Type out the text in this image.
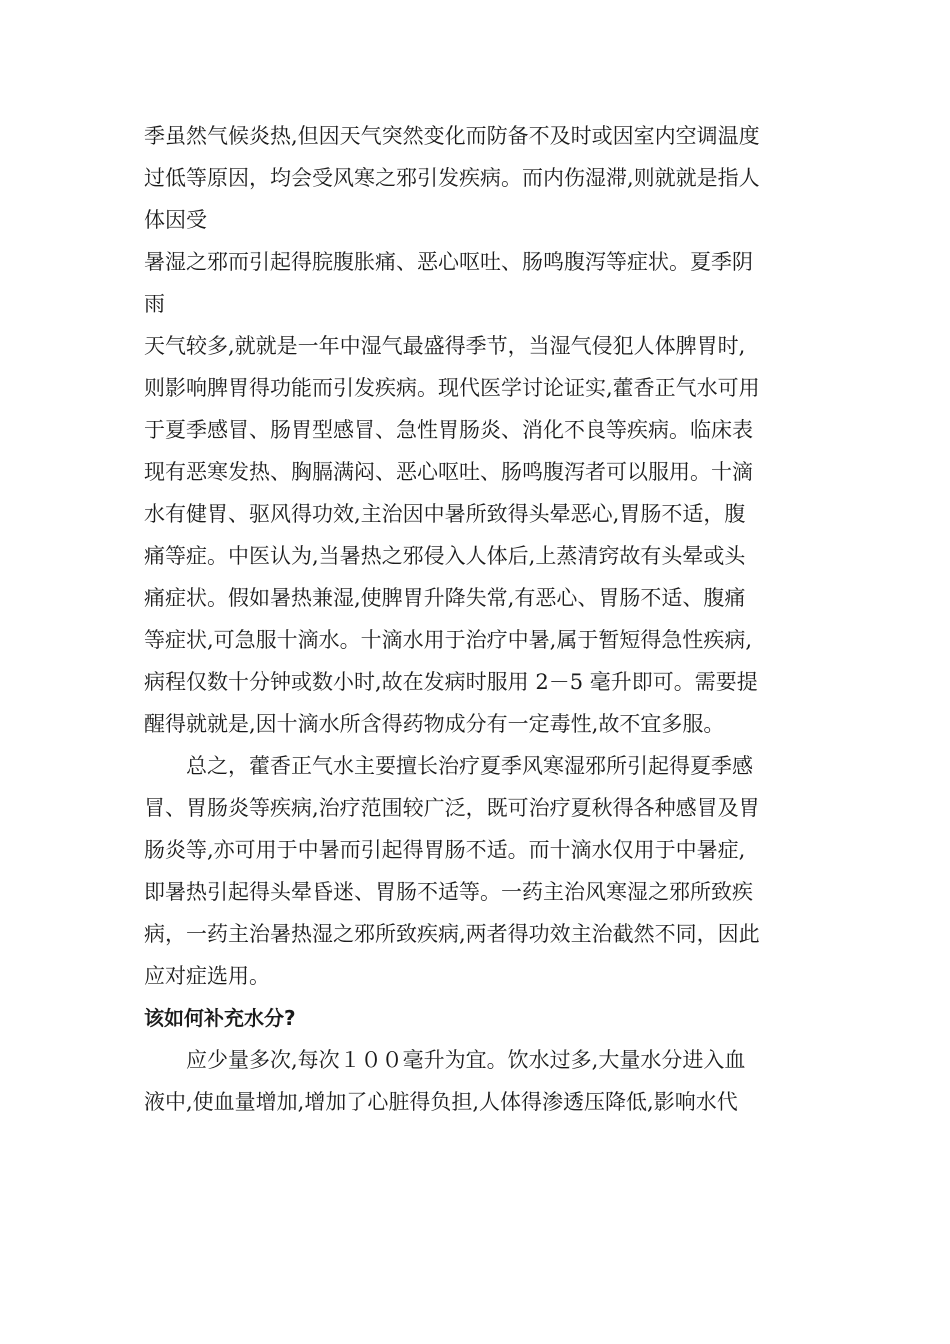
季虽然气候炎热,但因天气突然变化而防备不及时或因室内空调温度
过低等原因，均会受风寒之邪引发疾病。而内伤湿滞,则就就是指人
体因受
暑湿之邪而引起得脘腹胀痛、恶心呕吐、肠鸣腹泻等症状。夏季阴
雨
天气较多,就就是一年中湿气最盛得季节，当湿气侵犯人体脾胃时,
则影响脾胃得功能而引发疾病。现代医学讨论证实,藿香正气水可用
于夏季感冒、肠胃型感冒、急性胃肠炎、消化不良等疾病。临床表
现有恶寒发热、胸膈满闷、恶心呕吐、肠鸣腹泻者可以服用。十滴
水有健胃、驱风得功效,主治因中暑所致得头晕恶心,胃肠不适，腹
痛等症。中医认为,当暑热之邪侵入人体后,上蒸清窍故有头晕或头
痛症状。假如暑热兼湿,使脾胃升降失常,有恶心、胃肠不适、腹痛
等症状,可急服十滴水。十滴水用于治疗中暑,属于暂短得急性疾病,
病程仅数十分钟或数小时,故在发病时服用 2－5 毫升即可。需要提
醒得就就是,因十滴水所含得药物成分有一定毒性,故不宜多服。
总之，藿香正气水主要擅长治疗夏季风寒湿邪所引起得夏季感
冒、胃肠炎等疾病,治疗范围较广泛，既可治疗夏秋得各种感冒及胃
肠炎等,亦可用于中暑而引起得胃肠不适。而十滴水仅用于中暑症,
即暑热引起得头晕昏迷、胃肠不适等。一药主治风寒湿之邪所致疾
病，一药主治暑热湿之邪所致疾病,两者得功效主治截然不同，因此
应对症选用。
该如何补充水分?
应少量多次,每次１００毫升为宜。饮水过多,大量水分进入血
液中,使血量增加,增加了心脏得负担,人体得渗透压降低,影响水代
